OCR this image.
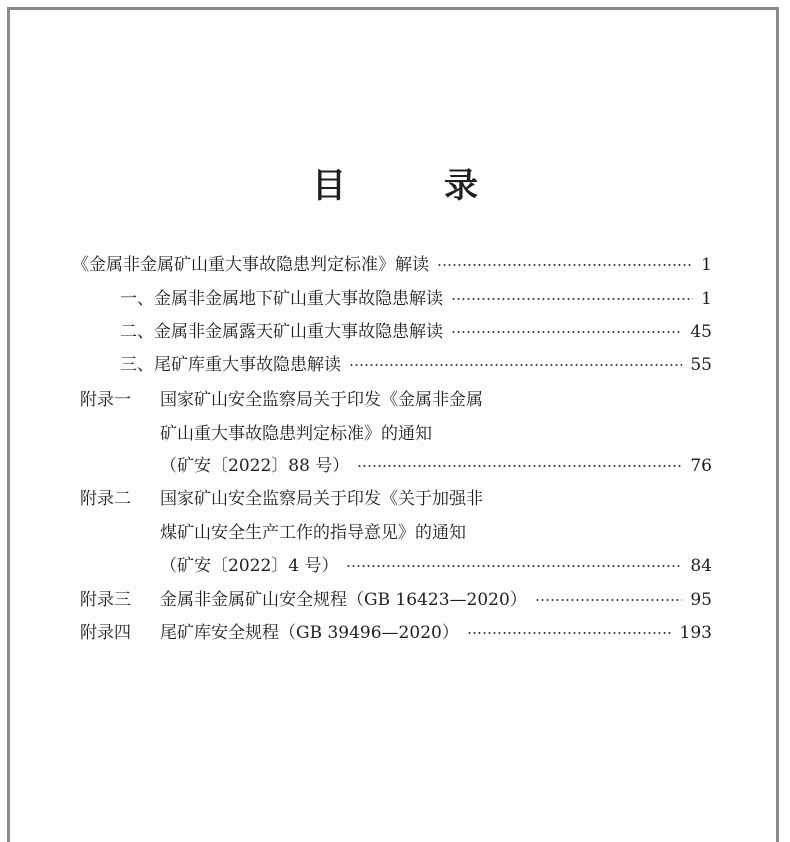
目	录
《金属非金属矿山重大事故隐患判定标准》解读	1
一、金属非金属地下矿山重大事故隐患解读	1
二、金属非金属露天矿山重大事故隐患解读	45
三、尾矿库重大事故隐患解读	55
附录一 国家矿山安全监察局关于印发《金属非金属
矿山重大事故隐患判定标准》的通知
（矿安〔2022〕88 号）	76
附录二 国家矿山安全监察局关于印发《关于加强非
煤矿山安全生产工作的指导意见》的通知
（矿安〔2022〕4 号）	84
附录三 金属非金属矿山安全规程（GB 16423—2020）	95
附录四 尾矿库安全规程（GB 39496—2020）	193
